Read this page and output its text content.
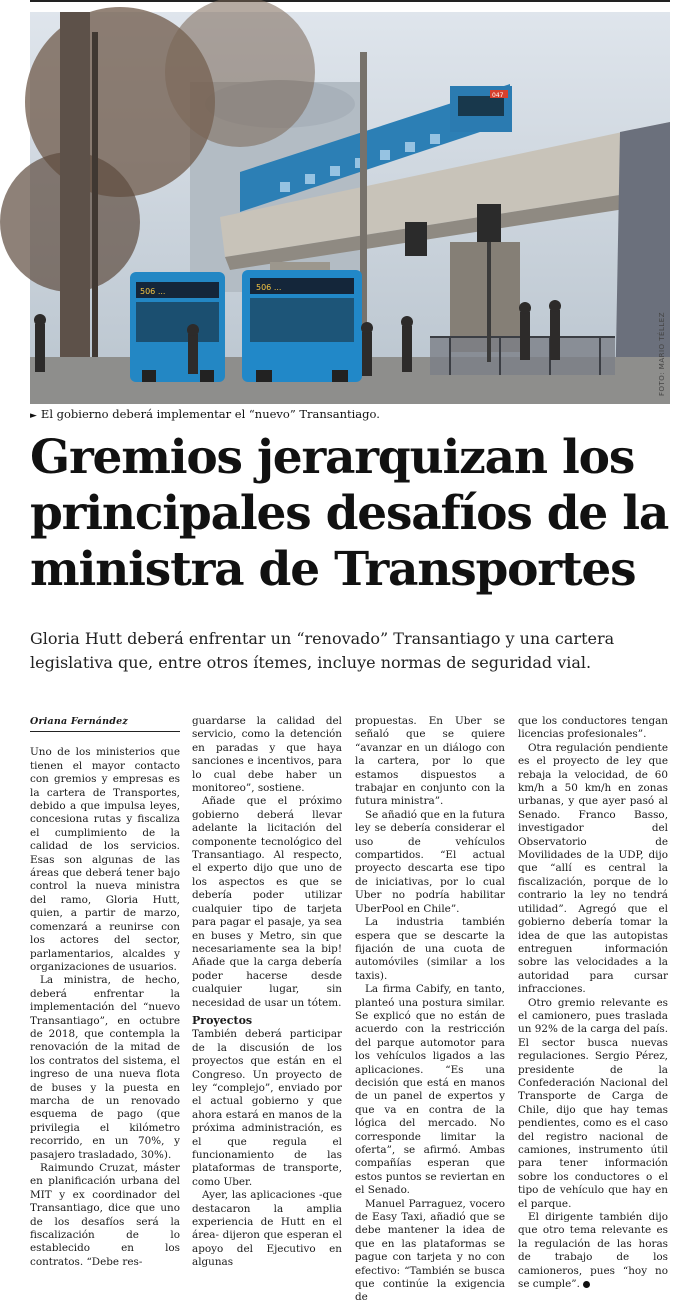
047
506 ...	506 ...
FOTO: MARIO TÉLLEZ
► El gobierno deberá implementar el “nuevo” Transantiago.
Gremios jerarquizan los principales desafíos de la ministra de Transportes

Gloria Hutt deberá enfrentar un “renovado” Transantiago y una cartera legislativa que, entre otros ítemes, incluye normas de seguridad vial.

Oriana Fernández

Uno de los ministerios que tienen el mayor contacto con gremios y empresas es la cartera de Transportes, debido a que impulsa leyes, concesiona rutas y fiscaliza el cumplimiento de la calidad de los servicios. Esas son algunas de las áreas que deberá tener bajo control la nueva ministra del ramo, Gloria Hutt, quien, a partir de marzo, comenzará a reunirse con los actores del sector, parlamentarios, alcaldes y organizaciones de usuarios.

La ministra, de hecho, deberá enfrentar la implementación del “nuevo Transantiago”, en octubre de 2018, que contempla la renovación de la mitad de los contratos del sistema, el ingreso de una nueva flota de buses y la puesta en marcha de un renovado esquema de pago (que privilegia el kilómetro recorrido, en un 70%, y pasajero trasladado, 30%).

Raimundo Cruzat, máster en planificación urbana del MIT y ex coordinador del Transantiago, dice que uno de los desafíos será la fiscalización de lo establecido en los contratos. “Debe res-

guardarse la calidad del servicio, como la detención en paradas y que haya sanciones e incentivos, para lo cual debe haber un monitoreo”, sostiene.

Añade que el próximo gobierno deberá llevar adelante la licitación del componente tecnológico del Transantiago. Al respecto, el experto dijo que uno de los aspectos es que se debería poder utilizar cualquier tipo de tarjeta para pagar el pasaje, ya sea en buses y Metro, sin que necesariamente sea la bip! Añade que la carga debería poder hacerse desde cualquier lugar, sin necesidad de usar un tótem.

Proyectos

También deberá participar de la discusión de los proyectos que están en el Congreso. Un proyecto de ley “complejo”, enviado por el actual gobierno y que ahora estará en manos de la próxima administración, es el que regula el funcionamiento de las plataformas de transporte, como Uber.

Ayer, las aplicaciones -que destacaron la amplia experiencia de Hutt en el área- dijeron que esperan el apoyo del Ejecutivo en algunas

propuestas. En Uber se señaló que se quiere “avanzar en un diálogo con la cartera, por lo que estamos dispuestos a trabajar en conjunto con la futura ministra”.

Se añadió que en la futura ley se debería considerar el uso de vehículos compartidos. “El actual proyecto descarta ese tipo de iniciativas, por lo cual Uber no podría habilitar UberPool en Chile”.

La industria también espera que se descarte la fijación de una cuota de automóviles (similar a los taxis).

La firma Cabify, en tanto, planteó una postura similar. Se explicó que no están de acuerdo con la restricción del parque automotor para los vehículos ligados a las aplicaciones. “Es una decisión que está en manos de un panel de expertos y que va en contra de la lógica del mercado. No corresponde limitar la oferta”, se afirmó. Ambas compañías esperan que estos puntos se reviertan en el Senado.

Manuel Parraguez, vocero de Easy Taxi, añadió que se debe mantener la idea de que en las plataformas se pague con tarjeta y no con efectivo: “También se busca que continúe la exigencia de

que los conductores tengan licencias profesionales”.

Otra regulación pendiente es el proyecto de ley que rebaja la velocidad, de 60 km/h a 50 km/h en zonas urbanas, y que ayer pasó al Senado. Franco Basso, investigador del Observatorio de Movilidades de la UDP, dijo que “allí es central la fiscalización, porque de lo contrario la ley no tendrá utilidad”. Agregó que el gobierno debería tomar la idea de que las autopistas entreguen información sobre las velocidades a la autoridad para cursar infracciones.

Otro gremio relevante es el camionero, pues traslada un 92% de la carga del país. El sector busca nuevas regulaciones. Sergio Pérez, presidente de la Confederación Nacional del Transporte de Carga de Chile, dijo que hay temas pendientes, como es el caso del registro nacional de camiones, instrumento útil para tener información sobre los conductores o el tipo de vehículo que hay en el parque.

El dirigente también dijo que otro tema relevante es la regulación de las horas de trabajo de los camioneros, pues “hoy no se cumple”.
